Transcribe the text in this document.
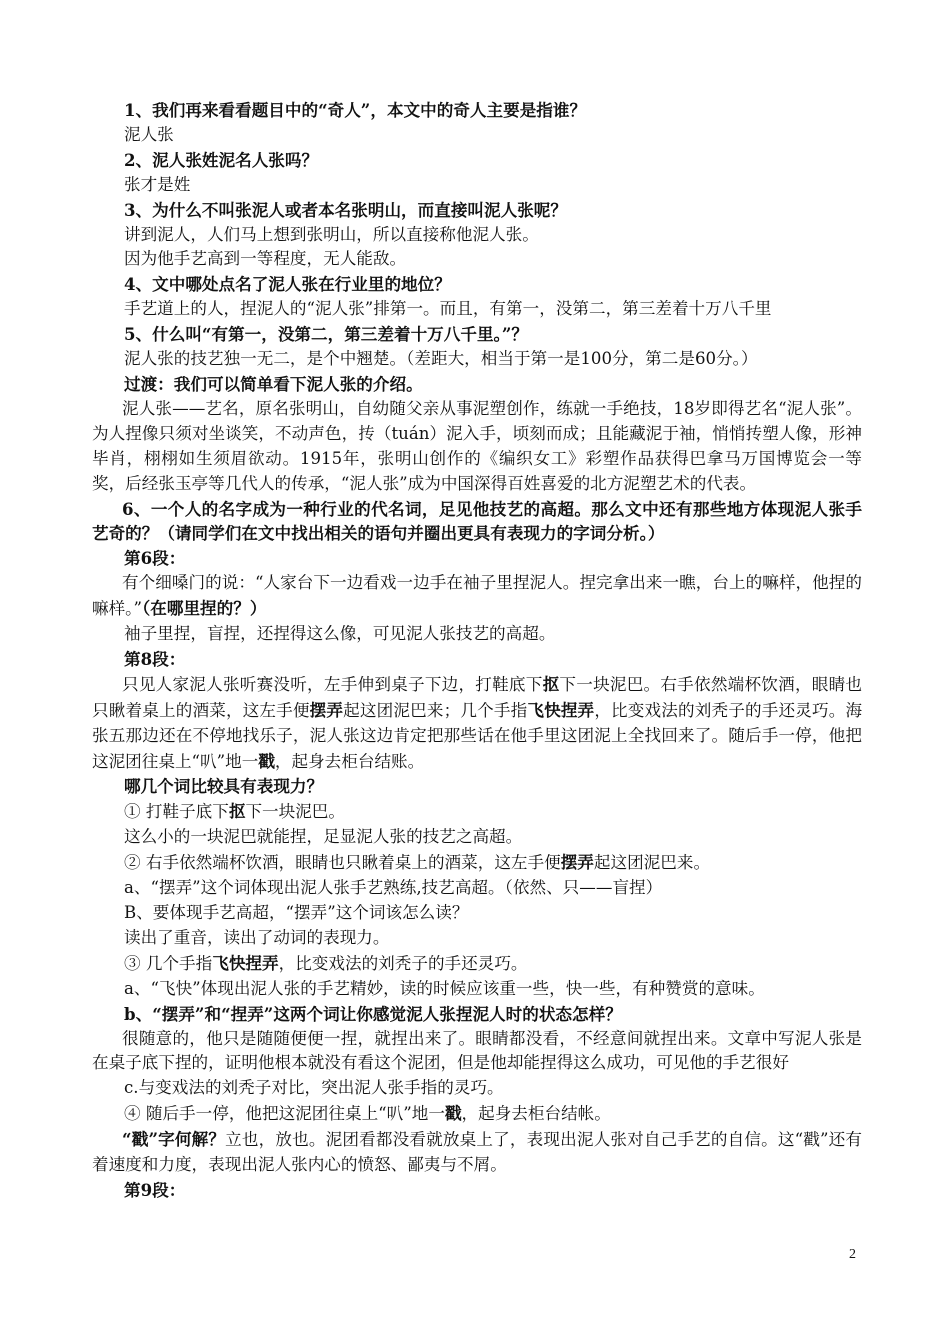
1、我们再来看看题目中的“奇人”，本文中的奇人主要是指谁？
泥人张
2、泥人张姓泥名人张吗？
张才是姓
3、为什么不叫张泥人或者本名张明山，而直接叫泥人张呢？
讲到泥人，人们马上想到张明山，所以直接称他泥人张。
因为他手艺高到一等程度，无人能敌。
4、文中哪处点名了泥人张在行业里的地位？
手艺道上的人，捏泥人的“泥人张”排第一。而且，有第一，没第二，第三差着十万八千里
5、什么叫“有第一，没第二，第三差着十万八千里。”？
泥人张的技艺独一无二，是个中翘楚。（差距大，相当于第一是100分，第二是60分。）
过渡：我们可以简单看下泥人张的介绍。
泥人张——艺名，原名张明山，自幼随父亲从事泥塑创作，练就一手绝技，18岁即得艺名“泥人张”。为人捏像只须对坐谈笑，不动声色，抟（tuán）泥入手，顷刻而成；且能藏泥于袖，悄悄抟塑人像，形神毕肖，栩栩如生须眉欲动。1915年，张明山创作的《编织女工》彩塑作品获得巴拿马万国博览会一等奖，后经张玉亭等几代人的传承，“泥人张”成为中国深得百姓喜爱的北方泥塑艺术的代表。
6、一个人的名字成为一种行业的代名词，足见他技艺的高超。那么文中还有那些地方体现泥人张手艺奇的？（请同学们在文中找出相关的语句并圈出更具有表现力的字词分析。）
第6段：
有个细嗓门的说：“人家台下一边看戏一边手在袖子里捏泥人。捏完拿出来一瞧，台上的嘛样，他捏的嘛样。”（在哪里捏的？）
袖子里捏，盲捏，还捏得这么像，可见泥人张技艺的高超。
第8段：
只见人家泥人张听赛没听，左手伸到桌子下边，打鞋底下抠下一块泥巴。右手依然端杯饮酒，眼睛也只瞅着桌上的酒菜，这左手便摆弄起这团泥巴来；几个手指飞快捏弄，比变戏法的刘秃子的手还灵巧。海张五那边还在不停地找乐子，泥人张这边肯定把那些话在他手里这团泥上全找回来了。随后手一停，他把这泥团往桌上“叭”地一戳，起身去柜台结账。
哪几个词比较具有表现力？
① 打鞋子底下抠下一块泥巴。
这么小的一块泥巴就能捏，足显泥人张的技艺之高超。
② 右手依然端杯饮酒，眼睛也只瞅着桌上的酒菜，这左手便摆弄起这团泥巴来。
a、“摆弄”这个词体现出泥人张手艺熟练,技艺高超。（依然、只——盲捏）
B、要体现手艺高超，“摆弄”这个词该怎么读？
读出了重音，读出了动词的表现力。
③ 几个手指飞快捏弄，比变戏法的刘秃子的手还灵巧。
a、“飞快”体现出泥人张的手艺精妙，读的时候应该重一些，快一些，有种赞赏的意味。
b、“摆弄”和“捏弄”这两个词让你感觉泥人张捏泥人时的状态怎样？
很随意的，他只是随随便便一捏，就捏出来了。眼睛都没看，不经意间就捏出来。文章中写泥人张是在桌子底下捏的，证明他根本就没有看这个泥团，但是他却能捏得这么成功，可见他的手艺很好
c.与变戏法的刘秃子对比，突出泥人张手指的灵巧。
④ 随后手一停，他把这泥团往桌上“叭”地一戳，起身去柜台结帐。
“戳”字何解？立也，放也。泥团看都没看就放桌上了，表现出泥人张对自己手艺的自信。这“戳”还有着速度和力度，表现出泥人张内心的愤怒、鄙夷与不屑。
第9段：
2
